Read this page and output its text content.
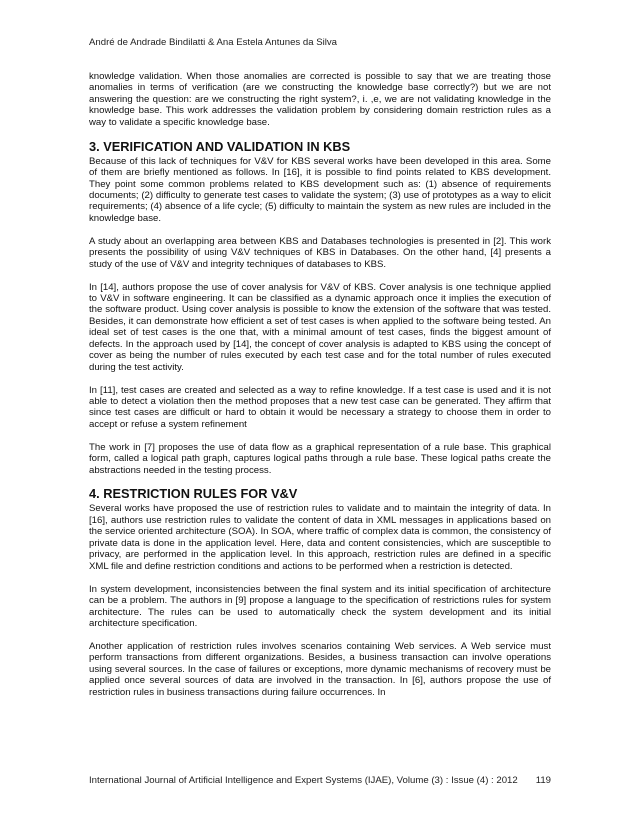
André de Andrade Bindilatti & Ana Estela Antunes da Silva

knowledge validation. When those anomalies are corrected is possible to say that we are treating those anomalies in terms of verification (are we constructing the knowledge base correctly?) but we are not answering the question: are we constructing the right system?, i. ,e, we are not validating knowledge in the knowledge base. This work addresses the validation problem by considering domain restriction rules as a way to validate a specific knowledge base.

3. VERIFICATION AND VALIDATION IN KBS

Because of this lack of techniques for V&V for KBS several works have been developed in this area. Some of them are briefly mentioned as follows. In [16], it is possible to find points related to KBS development. They point some common problems related to KBS development such as: (1) absence of requirements documents; (2) difficulty to generate test cases to validate the system; (3) use of prototypes as a way to elicit requirements; (4) absence of a life cycle; (5) difficulty to maintain the system as new rules are included in the knowledge base.

A study about an overlapping area between KBS and Databases technologies is presented in [2]. This work presents the possibility of using V&V techniques of KBS in Databases. On the other hand, [4] presents a study of the use of V&V and integrity techniques of databases to KBS.

In [14], authors propose the use of cover analysis for V&V of KBS. Cover analysis is one technique applied to V&V in software engineering. It can be classified as a dynamic approach once it implies the execution of the software product. Using cover analysis is possible to know the extension of the software that was tested. Besides, it can demonstrate how efficient a set of test cases is when applied to the software being tested. An ideal set of test cases is the one that, with a minimal amount of test cases, finds the biggest amount of defects. In the approach used by [14], the concept of cover analysis is adapted to KBS using the concept of cover as being the number of rules executed by each test case and for the total number of rules executed during the test activity.

In [11], test cases are created and selected as a way to refine knowledge. If a test case is used and it is not able to detect a violation then the method proposes that a new test case can be generated. They affirm that since test cases are difficult or hard to obtain it would be necessary a strategy to choose them in order to accept or refuse a system refinement

The work in [7] proposes the use of data flow as a graphical representation of a rule base. This graphical form, called a logical path graph, captures logical paths through a rule base. These logical paths create the abstractions needed in the testing process.

4. RESTRICTION RULES FOR V&V

Several works have proposed the use of restriction rules to validate and to maintain the integrity of data. In [16], authors use restriction rules to validate the content of data in XML messages in applications based on the service oriented architecture (SOA). In SOA, where traffic of complex data is common, the consistency of private data is done in the application level. Here, data and content consistencies, which are susceptible to privacy, are performed in the application level. In this approach, restriction rules are defined in a specific XML file and define restriction conditions and actions to be performed when a restriction is detected.

In system development, inconsistencies between the final system and its initial specification of architecture can be a problem. The authors in [9] propose a language to the specification of restrictions rules for system architecture. The rules can be used to automatically check the system development and its initial architecture specification.

Another application of restriction rules involves scenarios containing Web services. A Web service must perform transactions from different organizations. Besides, a business transaction can involve operations using several sources. In the case of failures or exceptions, more dynamic mechanisms of recovery must be applied once several sources of data are involved in the transaction. In [6], authors propose the use of restriction rules in business transactions during failure occurrences. In

International Journal of Artificial Intelligence and Expert Systems (IJAE), Volume (3) : Issue (4) : 2012 119
